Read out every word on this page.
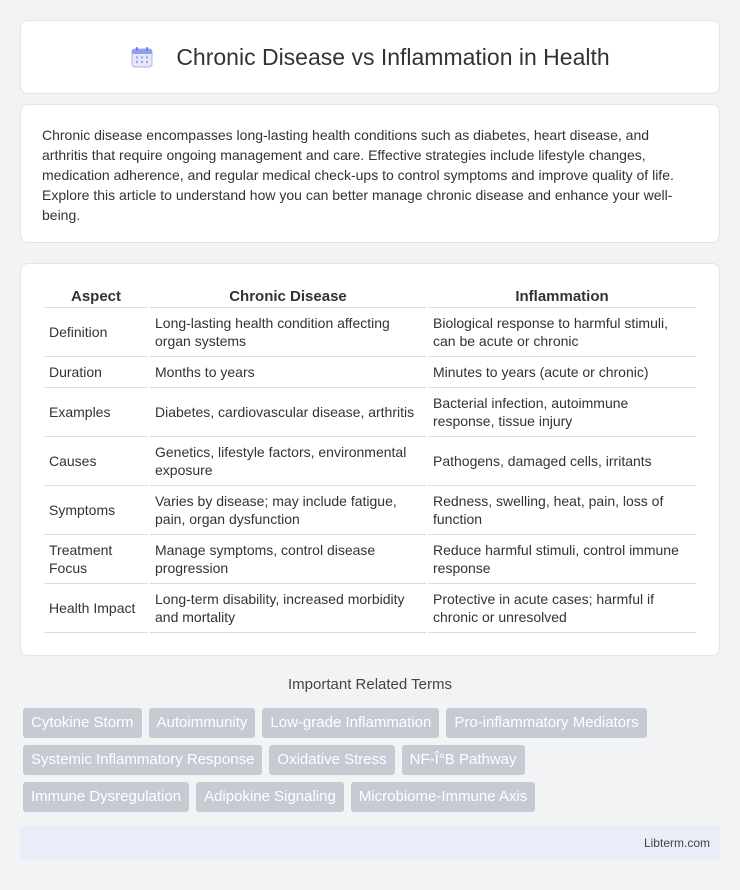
Chronic Disease vs Inflammation in Health

Chronic disease encompasses long-lasting health conditions such as diabetes, heart disease, and arthritis that require ongoing management and care. Effective strategies include lifestyle changes, medication adherence, and regular medical check-ups to control symptoms and improve quality of life. Explore this article to understand how you can better manage chronic disease and enhance your well-being.

Aspect	Chronic Disease	Inflammation
Definition	Long-lasting health condition affecting organ systems	Biological response to harmful stimuli, can be acute or chronic
Duration	Months to years	Minutes to years (acute or chronic)
Examples	Diabetes, cardiovascular disease, arthritis	Bacterial infection, autoimmune response, tissue injury
Causes	Genetics, lifestyle factors, environmental exposure	Pathogens, damaged cells, irritants
Symptoms	Varies by disease; may include fatigue, pain, organ dysfunction	Redness, swelling, heat, pain, loss of function
Treatment Focus	Manage symptoms, control disease progression	Reduce harmful stimuli, control immune response
Health Impact	Long-term disability, increased morbidity and mortality	Protective in acute cases; harmful if chronic or unresolved
Important Related Terms
Cytokine Storm	Autoimmunity	Low-grade Inflammation	Pro-inflammatory Mediators
Systemic Inflammatory Response	Oxidative Stress	NF-Î°B Pathway
Immune Dysregulation	Adipokine Signaling	Microbiome-Immune Axis
Libterm.com
